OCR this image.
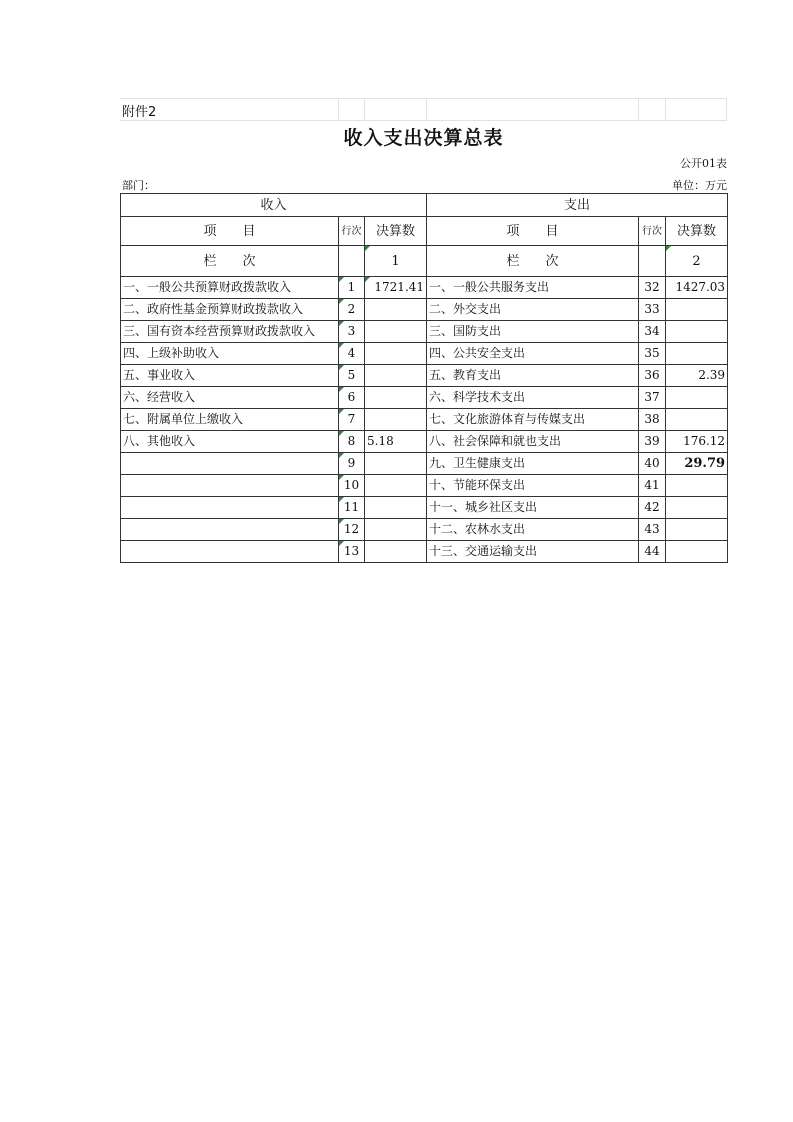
附件2
收入支出决算总表
公开01表
部门：	单位：万元
收入			支出		
项　　目	行次	决算数	项　　目	行次	决算数
栏　　次		1	栏　　次		2
一、一般公共预算财政拨款收入	1	1721.41	一、一般公共服务支出	32	1427.03
二、政府性基金预算财政拨款收入	2		二、外交支出	33	
三、国有资本经营预算财政拨款收入	3		三、国防支出	34	
四、上级补助收入	4		四、公共安全支出	35	
五、事业收入	5		五、教育支出	36	2.39
六、经营收入	6		六、科学技术支出	37	
七、附属单位上缴收入	7		七、文化旅游体育与传媒支出	38	
八、其他收入	8	5.18	八、社会保障和就也支出	39	176.12
	9		九、卫生健康支出	40	29.79
	10		十、节能环保支出	41	
	11		十一、城乡社区支出	42	
	12		十二、农林水支出	43	
	13		十三、交通运输支出	44	
